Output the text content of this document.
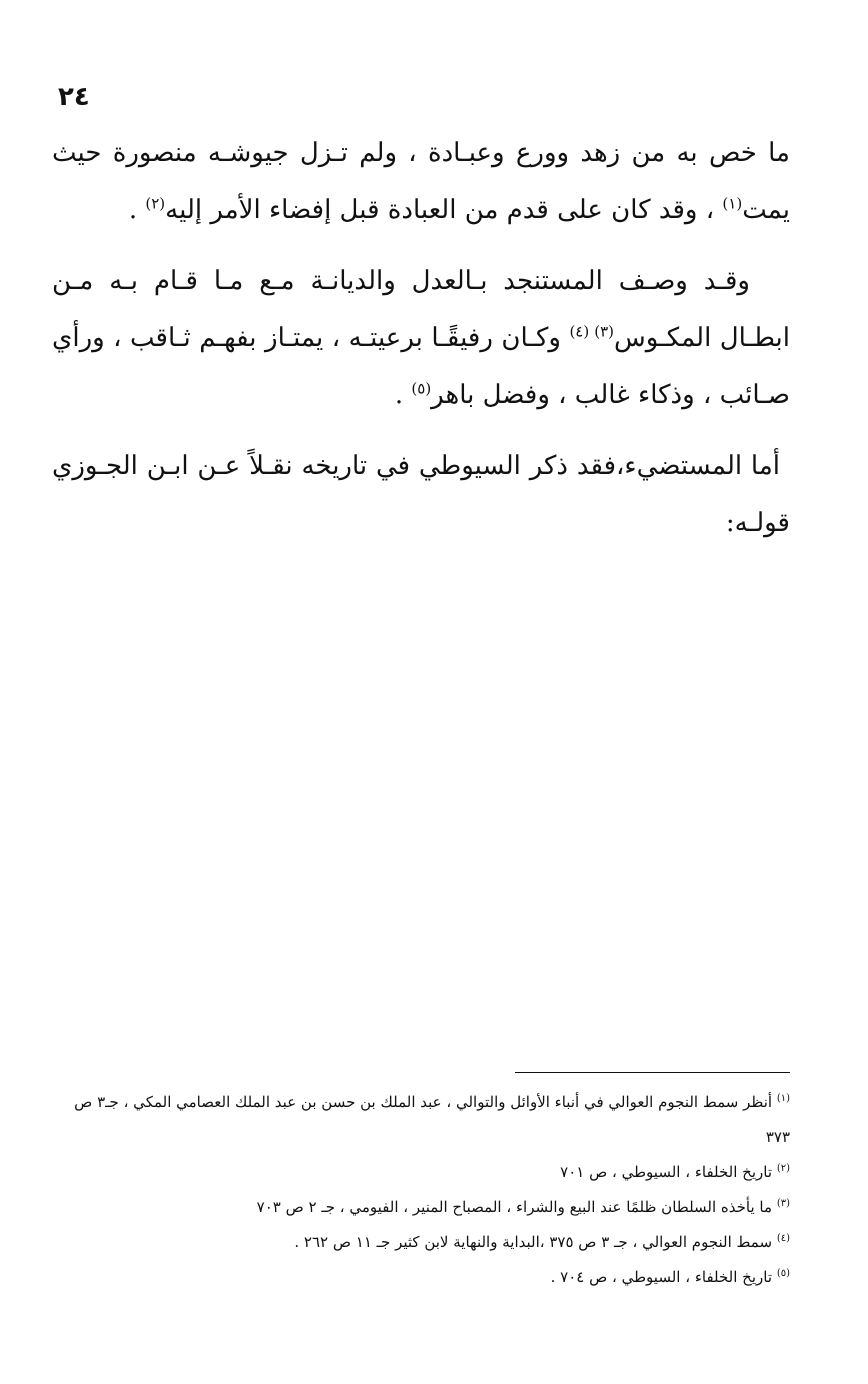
٢٤

ما خص به من زهد وورع وعبـادة ، ولم تـزل جيوشـه منصورة حيث يمت$^{(١)}$ ، وقد كان على قدم من العبادة قبل إفضاء الأمر إليه$^{(٢)}$ .

وقـد وصـف المستنجد بـالعدل والديانـة مـع مـا قـام بـه مـن ابطـال المكـوس$^{(٣)}$ $^{(٤)}$ وكـان رفيقًـا برعيتـه ، يمتـاز بفهـم ثـاقب ، ورأي صـائب ، وذكاء غالب ، وفضل باهر$^{(٥)}$ .

أما المستضيء،فقد ذكر السيوطي في تاريخه نقـلاً عـن ابـن الجـوزي قولـه:

$^{(١)}$ أنظر سمط النجوم العوالي في أنباء الأوائل والتوالي ، عبد الملك بن حسن بن عبد الملك العصامي المكي ، جـ٣ ص ٣٧٣

$^{(٢)}$ تاريخ الخلفاء ، السيوطي ، ص ٧٠١

$^{(٣)}$ ما يأخذه السلطان ظلمًا عند البيع والشراء ، المصباح المنير ، الفيومي ، جـ ٢ ص ٧٠٣

$^{(٤)}$ سمط النجوم العوالي ، جـ ٣ ص ٣٧٥ ،البداية والنهاية لابن كثير جـ ١١ ص ٢٦٢ .

$^{(٥)}$ تاريخ الخلفاء ، السيوطي ، ص ٧٠٤ .
